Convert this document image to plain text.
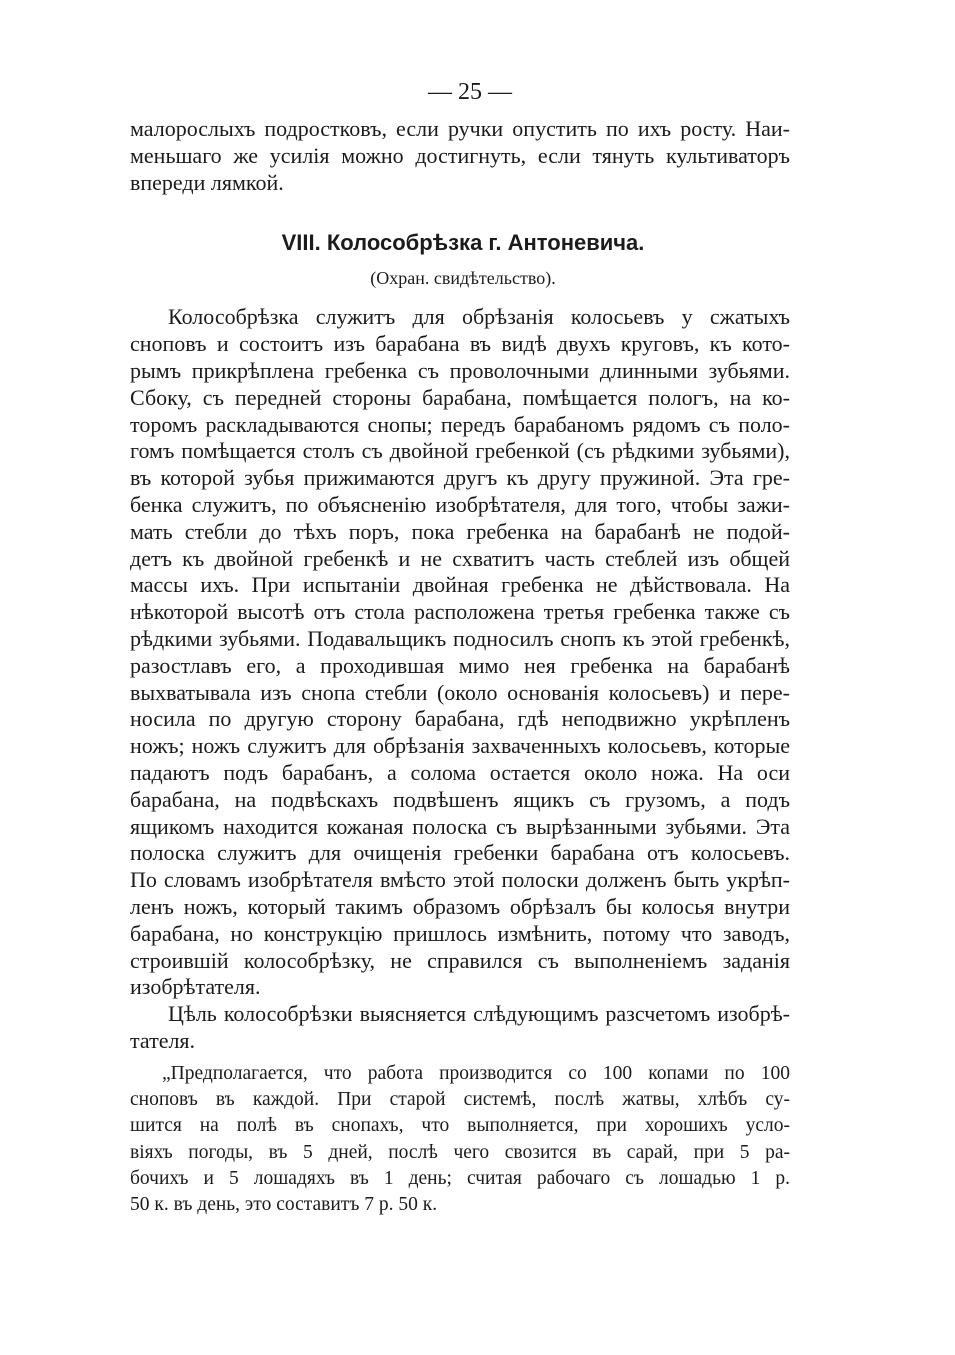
— 25 —
малорослыхъ подростковъ, если ручки опустить по ихъ росту. Наи-
меньшаго же усилія можно достигнуть, если тянуть культиваторъ
впереди лямкой.
VIII. Колособрѣзка г. Антоневича.
(Охран. свидѣтельство).
Колособрѣзка служитъ для обрѣзанія колосьевъ у сжатыхъ
сноповъ и состоитъ изъ барабана въ видѣ двухъ круговъ, къ кото-
рымъ прикрѣплена гребенка съ проволочными длинными зубьями.
Сбоку, съ передней стороны барабана, помѣщается пологъ, на ко-
торомъ раскладываются снопы; передъ барабаномъ рядомъ съ поло-
гомъ помѣщается столъ съ двойной гребенкой (съ рѣдкими зубьями),
въ которой зубья прижимаются другъ къ другу пружиной. Эта гре-
бенка служитъ, по объясненію изобрѣтателя, для того, чтобы зажи-
мать стебли до тѣхъ поръ, пока гребенка на барабанѣ не подой-
детъ къ двойной гребенкѣ и не схватитъ часть стеблей изъ общей
массы ихъ. При испытаніи двойная гребенка не дѣйствовала. На
нѣкоторой высотѣ отъ стола расположена третья гребенка также съ
рѣдкими зубьями. Подавальщикъ подносилъ снопъ къ этой гребенкѣ,
разостлавъ его, а проходившая мимо нея гребенка на барабанѣ
выхватывала изъ снопа стебли (около основанія колосьевъ) и пере-
носила по другую сторону барабана, гдѣ неподвижно укрѣпленъ
ножъ; ножъ служитъ для обрѣзанія захваченныхъ колосьевъ, которые
падаютъ подъ барабанъ, а солома остается около ножа. На оси
барабана, на подвѣскахъ подвѣшенъ ящикъ съ грузомъ, а подъ
ящикомъ находится кожаная полоска съ вырѣзанными зубьями. Эта
полоска служитъ для очищенія гребенки барабана отъ колосьевъ.
По словамъ изобрѣтателя вмѣсто этой полоски долженъ быть укрѣп-
ленъ ножъ, который такимъ образомъ обрѣзалъ бы колосья внутри
барабана, но конструкцію пришлось измѣнить, потому что заводъ,
строившій колособрѣзку, не справился съ выполненіемъ заданія
изобрѣтателя.
Цѣль колособрѣзки выясняется слѣдующимъ разсчетомъ изобрѣ-
тателя.
„Предполагается, что работа производится со 100 копами по 100
сноповъ въ каждой. При старой системѣ, послѣ жатвы, хлѣбъ су-
шится на полѣ въ снопахъ, что выполняется, при хорошихъ усло-
віяхъ погоды, въ 5 дней, послѣ чего свозится въ сарай, при 5 ра-
бочихъ и 5 лошадяхъ въ 1 день; считая рабочаго съ лошадью 1 р.
50 к. въ день, это составитъ 7 р. 50 к.
